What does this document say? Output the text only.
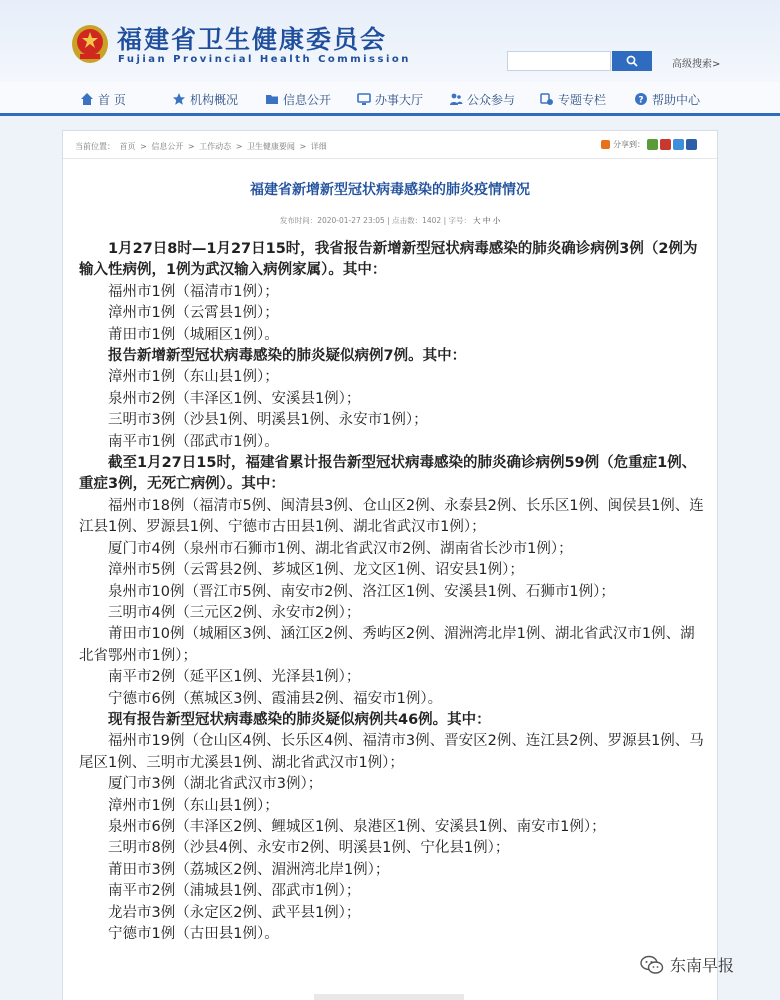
福建省卫生健康委员会
Fujian Provincial Health Commission	高级搜索>
首 页	机构概况	信息公开	办事大厅	公众参与	专题专栏	? 帮助中心
当前位置： 首页 > 信息公开 > 工作动态 > 卫生健康要闻 > 详细	分享到：
福建省新增新型冠状病毒感染的肺炎疫情情况
发布时间：2020-01-27 23:05 | 点击数：1402 | 字号： 大 中 小

1月27日8时—1月27日15时，我省报告新增新型冠状病毒感染的肺炎确诊病例3例（2例为输入性病例，1例为武汉输入病例家属）。其中：

福州市1例（福清市1例）；

漳州市1例（云霄县1例）；

莆田市1例（城厢区1例）。

报告新增新型冠状病毒感染的肺炎疑似病例7例。其中：

漳州市1例（东山县1例）；

泉州市2例（丰泽区1例、安溪县1例）；

三明市3例（沙县1例、明溪县1例、永安市1例）；

南平市1例（邵武市1例）。

截至1月27日15时，福建省累计报告新型冠状病毒感染的肺炎确诊病例59例（危重症1例、重症3例，无死亡病例）。其中：

福州市18例（福清市5例、闽清县3例、仓山区2例、永泰县2例、长乐区1例、闽侯县1例、连江县1例、罗源县1例、宁德市古田县1例、湖北省武汉市1例）；

厦门市4例（泉州市石狮市1例、湖北省武汉市2例、湖南省长沙市1例）；

漳州市5例（云霄县2例、芗城区1例、龙文区1例、诏安县1例）；

泉州市10例（晋江市5例、南安市2例、洛江区1例、安溪县1例、石狮市1例）；

三明市4例（三元区2例、永安市2例）；

莆田市10例（城厢区3例、涵江区2例、秀屿区2例、湄洲湾北岸1例、湖北省武汉市1例、湖北省鄂州市1例）；

南平市2例（延平区1例、光泽县1例）；

宁德市6例（蕉城区3例、霞浦县2例、福安市1例）。

现有报告新型冠状病毒感染的肺炎疑似病例共46例。其中：

福州市19例（仓山区4例、长乐区4例、福清市3例、晋安区2例、连江县2例、罗源县1例、马尾区1例、三明市尤溪县1例、湖北省武汉市1例）；

厦门市3例（湖北省武汉市3例）；

漳州市1例（东山县1例）；

泉州市6例（丰泽区2例、鲤城区1例、泉港区1例、安溪县1例、南安市1例）；

三明市8例（沙县4例、永安市2例、明溪县1例、宁化县1例）；

莆田市3例（荔城区2例、湄洲湾北岸1例）；

南平市2例（浦城县1例、邵武市1例）；

龙岩市3例（永定区2例、武平县1例）；

宁德市1例（古田县1例）。

东南早报
